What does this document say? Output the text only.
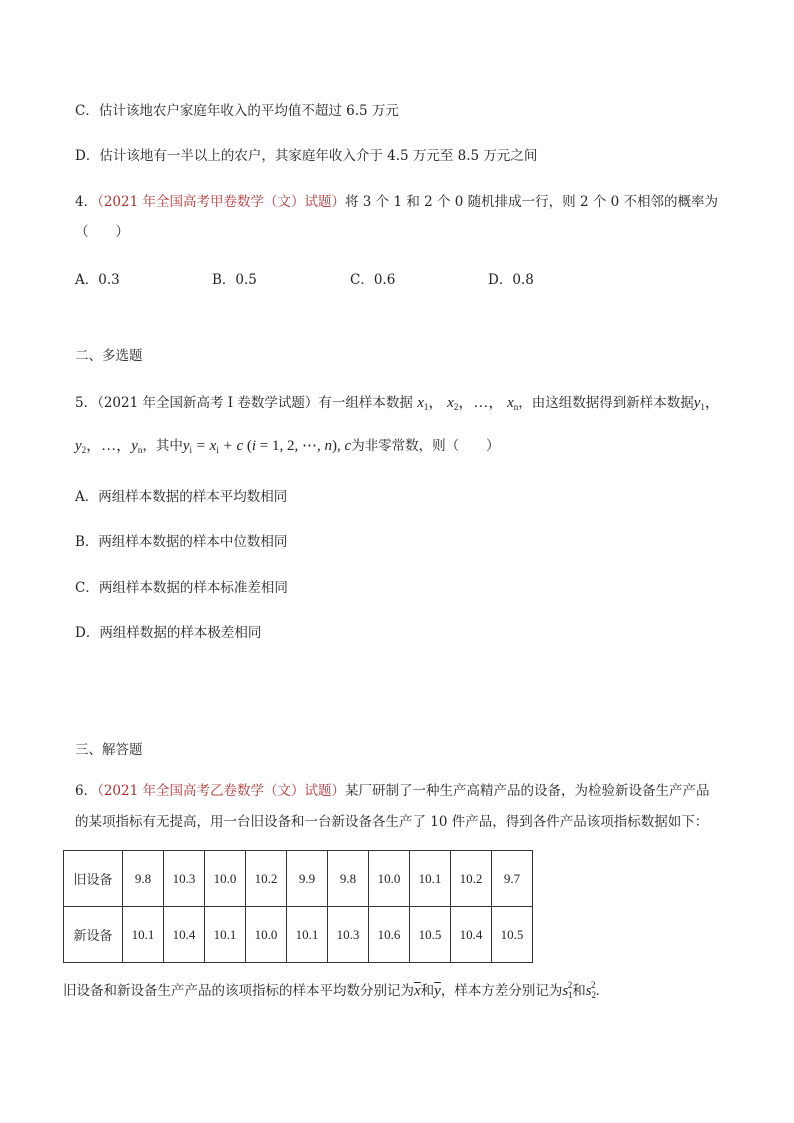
C．估计该地农户家庭年收入的平均值不超过 6.5 万元
D．估计该地有一半以上的农户，其家庭年收入介于 4.5 万元至 8.5 万元之间
4．（2021 年全国高考甲卷数学（文）试题）将 3 个 1 和 2 个 0 随机排成一行，则 2 个 0 不相邻的概率为
（　　）
A．0.3	B．0.5	C．0.6	D．0.8
二、多选题
5．（2021 年全国新高考 I 卷数学试题）有一组样本数据 $x_1$， $x_2$，…， $x_n$，由这组数据得到新样本数据$y_1$，
$y_2$，…，$y_n$，其中$y_i = x_i + c$ (i = 1, 2, ⋯, n), c为非零常数，则（　　）
A．两组样本数据的样本平均数相同
B．两组样本数据的样本中位数相同
C．两组样本数据的样本标准差相同
D．两组样数据的样本极差相同
三、解答题
6．（2021 年全国高考乙卷数学（文）试题）某厂研制了一种生产高精产品的设备，为检验新设备生产产品
的某项指标有无提高，用一台旧设备和一台新设备各生产了 10 件产品，得到各件产品该项指标数据如下：
旧设备	9.8	10.3	10.0	10.2	9.9	9.8	10.0	10.1	10.2	9.7
新设备	10.1	10.4	10.1	10.0	10.1	10.3	10.6	10.5	10.4	10.5
旧设备和新设备生产产品的该项指标的样本平均数分别记为$\overline{x}$和$\overline{y}$，样本方差分别记为$s_1^2$和$s_2^2$．
